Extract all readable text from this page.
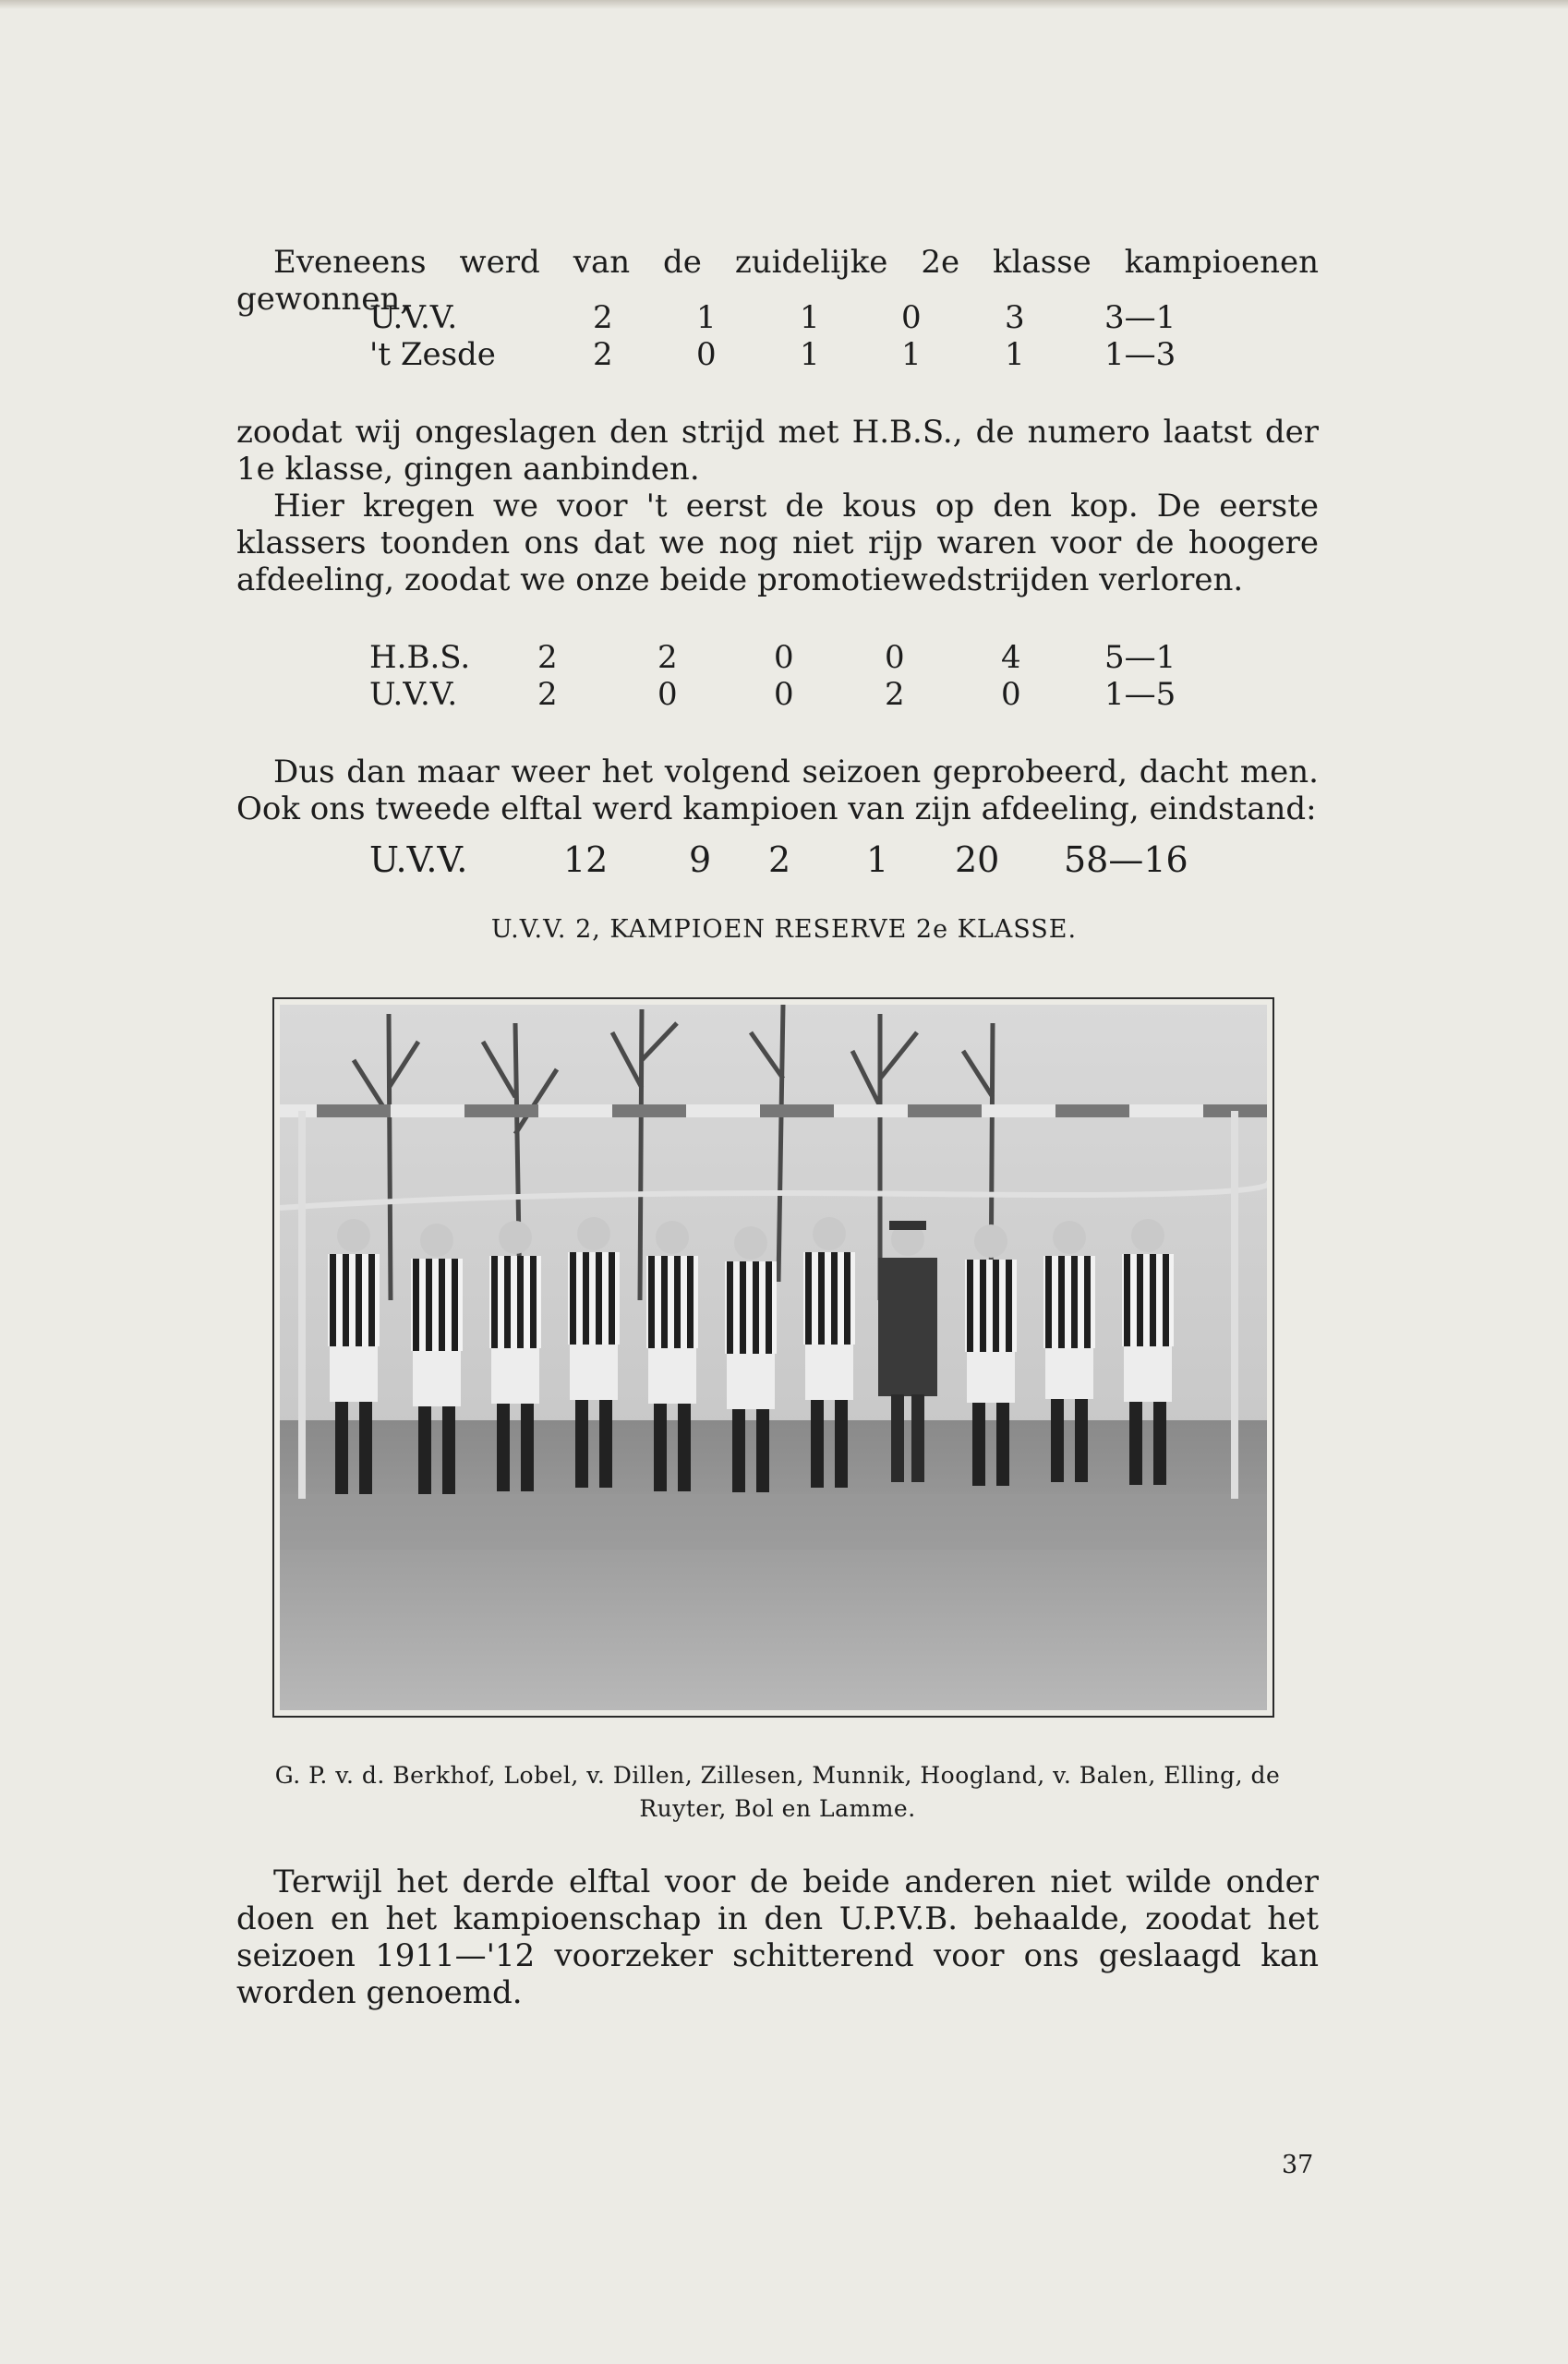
Eveneens werd van de zuidelijke 2e klasse kampioenen gewonnen,

U.V.V.	2	1	1	0	3	3—1
't Zesde	2	0	1	1	1	1—3

zoodat wij ongeslagen den strijd met H.B.S., de numero laatst der 1e klasse, gingen aanbinden.

Hier kregen we voor 't eerst de kous op den kop. De eerste klassers toonden ons dat we nog niet rijp waren voor de hoogere afdeeling, zoodat we onze beide promotiewedstrijden verloren.

H.B.S. 2	2	0	0	4	5—1
U.V.V.	2	0	0	2	0	1—5

Dus dan maar weer het volgend seizoen geprobeerd, dacht men. Ook ons tweede elftal werd kampioen van zijn afdeeling, eindstand:

U.V.V.	12 9 2 1 20 58—16
U.V.V. 2, KAMPIOEN RESERVE 2e KLASSE.
G. P. v. d. Berkhof, Lobel, v. Dillen, Zillesen, Munnik, Hoogland, v. Balen, Elling, de Ruyter, Bol en Lamme.

Terwijl het derde elftal voor de beide anderen niet wilde onder doen en het kampioenschap in den U.P.V.B. behaalde, zoodat het seizoen 1911—'12 voorzeker schitterend voor ons geslaagd kan worden genoemd.

37
